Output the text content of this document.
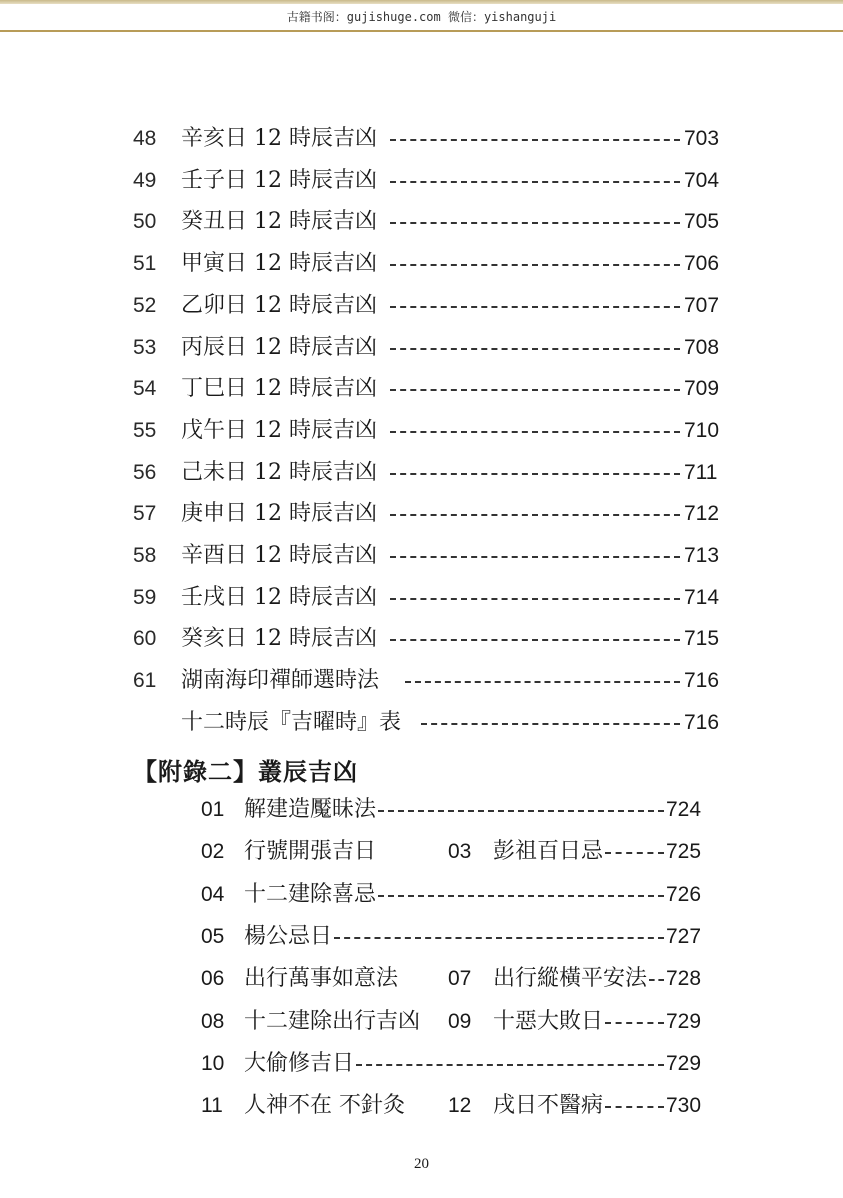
古籍书阁：gujishuge.com 微信：yishanguji
48	辛亥日 12 時辰吉凶	703
49	壬子日 12 時辰吉凶	704
50	癸丑日 12 時辰吉凶	705
51	甲寅日 12 時辰吉凶	706
52	乙卯日 12 時辰吉凶	707
53	丙辰日 12 時辰吉凶	708
54	丁巳日 12 時辰吉凶	709
55	戊午日 12 時辰吉凶	710
56	己未日 12 時辰吉凶	711
57	庚申日 12 時辰吉凶	712
58	辛酉日 12 時辰吉凶	713
59	壬戌日 12 時辰吉凶	714
60	癸亥日 12 時辰吉凶	715
61	湖南海印禪師選時法	716
十二時辰『吉曜時』表	716
【附錄二】叢辰吉凶
01 解建造魘昧法	724
02 行號開張吉日	03 彭祖百日忌	725
04 十二建除喜忌	726
05 楊公忌日	727
06 出行萬事如意法 07 出行縱橫平安法 728
08 十二建除出行吉凶 09 十惡大敗日	729
10 大偷修吉日	729
11 人神不在 不針灸 12 戌日不醫病	730
20
